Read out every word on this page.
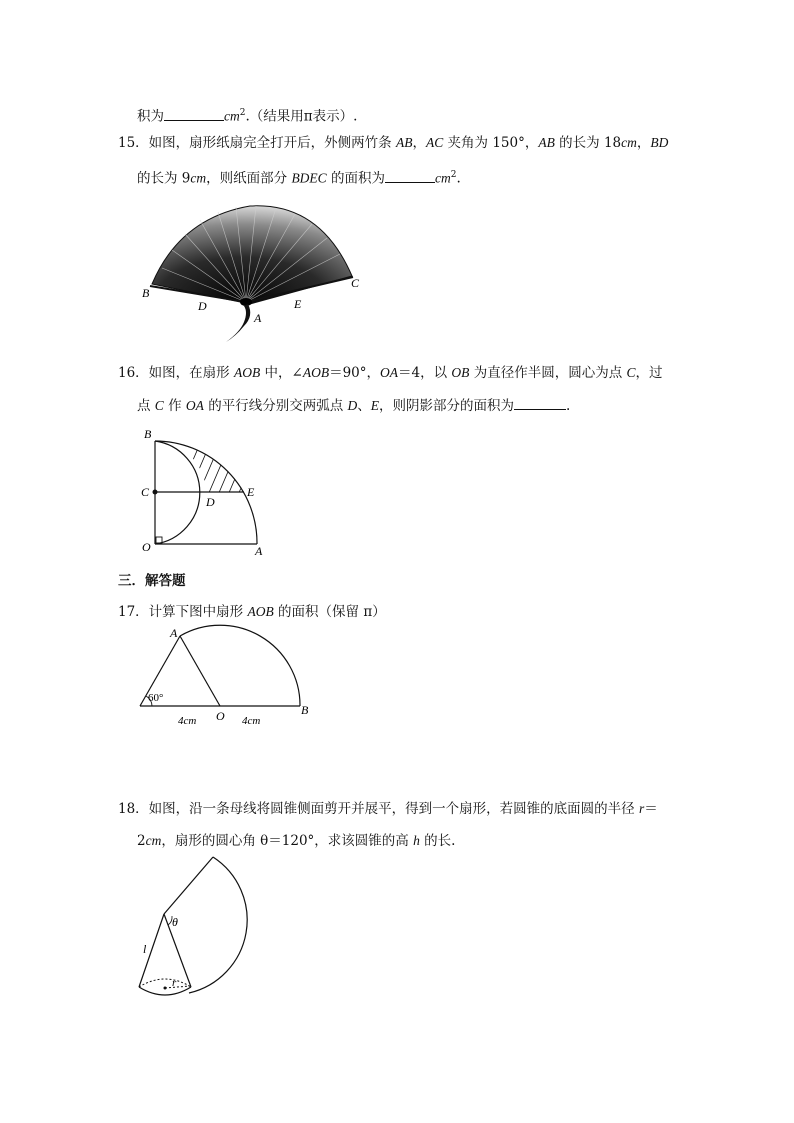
积为	$cm^2$.（结果用π表示）.
15．如图，扇形纸扇完全打开后，外侧两竹条 AB，AC 夹角为 150°，AB 的长为 18cm，BD
的长为 9cm，则纸面部分 BDEC 的面积为	$cm^2$.
B
D
A
E
C
16．如图，在扇形 AOB 中，∠AOB＝90°，OA＝4，以 OB 为直径作半圆，圆心为点 C，过
点 C 作 OA 的平行线分别交两弧点 D、E，则阴影部分的面积为	.
B
C
D
E
O	A
三．解答题
17．计算下图中扇形 AOB 的面积（保留 π）
A
60°
4cm O 4cm
B
18．如图，沿一条母线将圆锥侧面剪开并展平，得到一个扇形，若圆锥的底面圆的半径 r＝
2cm，扇形的圆心角 θ＝120°，求该圆锥的高 h 的长.
θ
l
r
